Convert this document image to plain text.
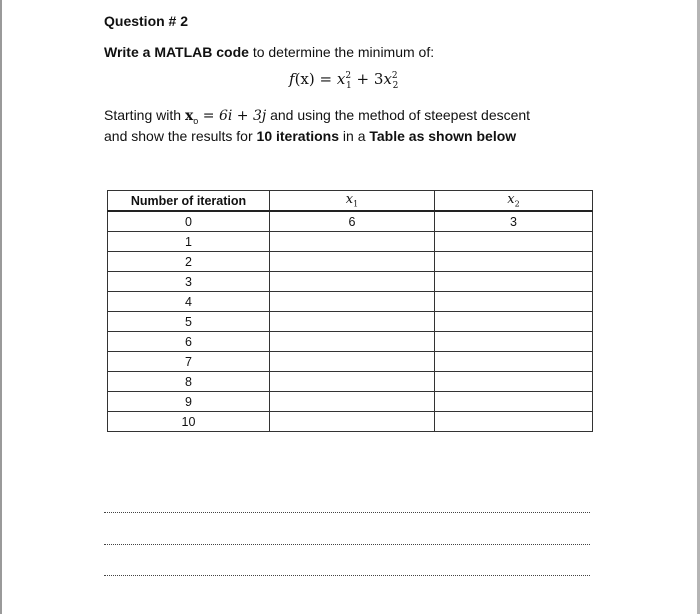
Question # 2
Write a MATLAB code to determine the minimum of:
$f(x) = x^2_1 + 3x^2_2$
Starting with $x_o = 6i + 3j$ and using the method of steepest descent
and show the results for 10 iterations in a Table as shown below
Number of iteration	$x_1$	$x_2$
0	6	3
1		
2		
3		
4		
5		
6		
7		
8		
9		
10		
